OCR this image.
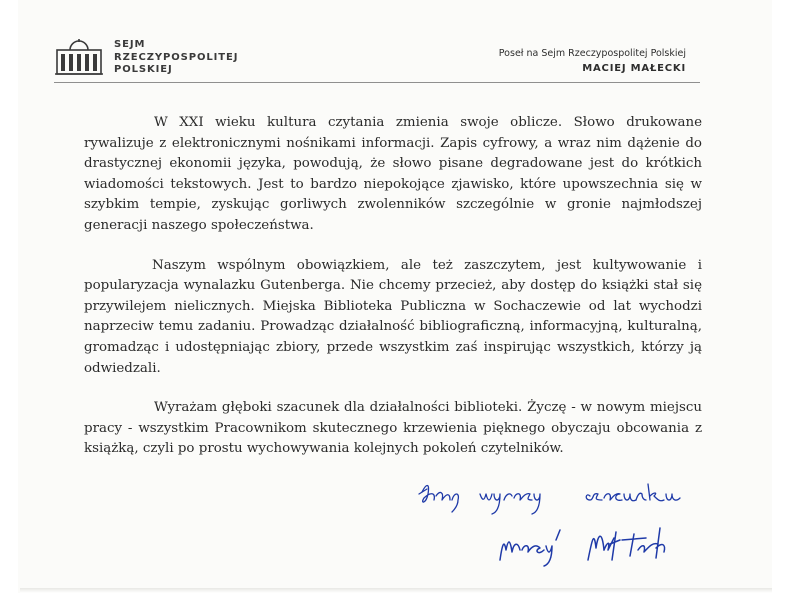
SEJM
RZECZYPOSPOLITEJ
POLSKIEJ
Poseł na Sejm Rzeczypospolitej Polskiej
MACIEJ MAŁECKI

W XXI wieku kultura czytania zmienia swoje oblicze. Słowo drukowane rywalizuje z elektronicznymi nośnikami informacji. Zapis cyfrowy, a wraz nim dążenie do drastycznej ekonomii języka, powodują, że słowo pisane degradowane jest do krótkich wiadomości tekstowych. Jest to bardzo niepokojące zjawisko, które upowszechnia się w szybkim tempie, zyskując gorliwych zwolenników szczególnie w gronie najmłodszej generacji naszego społeczeństwa.

Naszym wspólnym obowiązkiem, ale też zaszczytem, jest kultywowanie i popularyzacja wynalazku Gutenberga. Nie chcemy przecież, aby dostęp do książki stał się przywilejem nielicznych. Miejska Biblioteka Publiczna w Sochaczewie od lat wychodzi naprzeciw temu zadaniu. Prowadząc działalność bibliograficzną, informacyjną, kulturalną, gromadząc i udostępniając zbiory, przede wszystkim zaś inspirując wszystkich, którzy ją odwiedzali.

Wyrażam głęboki szacunek dla działalności biblioteki. Życzę - w nowym miejscu pracy - wszystkim Pracownikom skutecznego krzewienia pięknego obyczaju obcowania z książką, czyli po prostu wychowywania kolejnych pokoleń czytelników.
